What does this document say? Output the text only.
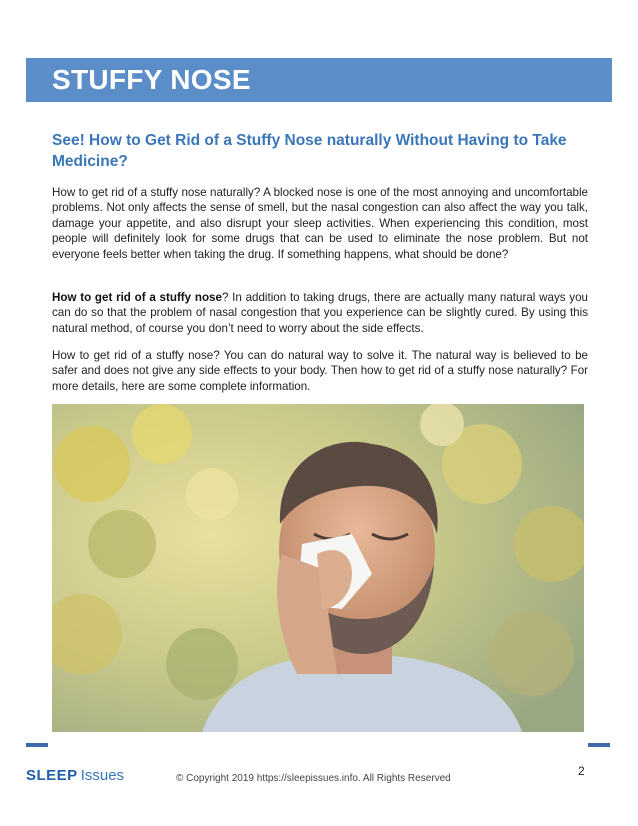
STUFFY NOSE
See! How to Get Rid of a Stuffy Nose naturally Without Having to Take Medicine?
How to get rid of a stuffy nose naturally? A blocked nose is one of the most annoying and uncomfortable problems. Not only affects the sense of smell, but the nasal congestion can also affect the way you talk, damage your appetite, and also disrupt your sleep activities. When experiencing this condition, most people will definitely look for some drugs that can be used to eliminate the nose problem. But not everyone feels better when taking the drug. If something happens, what should be done?
How to get rid of a stuffy nose? In addition to taking drugs, there are actually many natural ways you can do so that the problem of nasal congestion that you experience can be slightly cured. By using this natural method, of course you don’t need to worry about the side effects.
How to get rid of a stuffy nose? You can do natural way to solve it. The natural way is believed to be safer and does not give any side effects to your body. Then how to get rid of a stuffy nose naturally? For more details, here are some complete information.
2
SLEEP Issues	© Copyright 2019 https://sleepissues.info. All Rights Reserved
